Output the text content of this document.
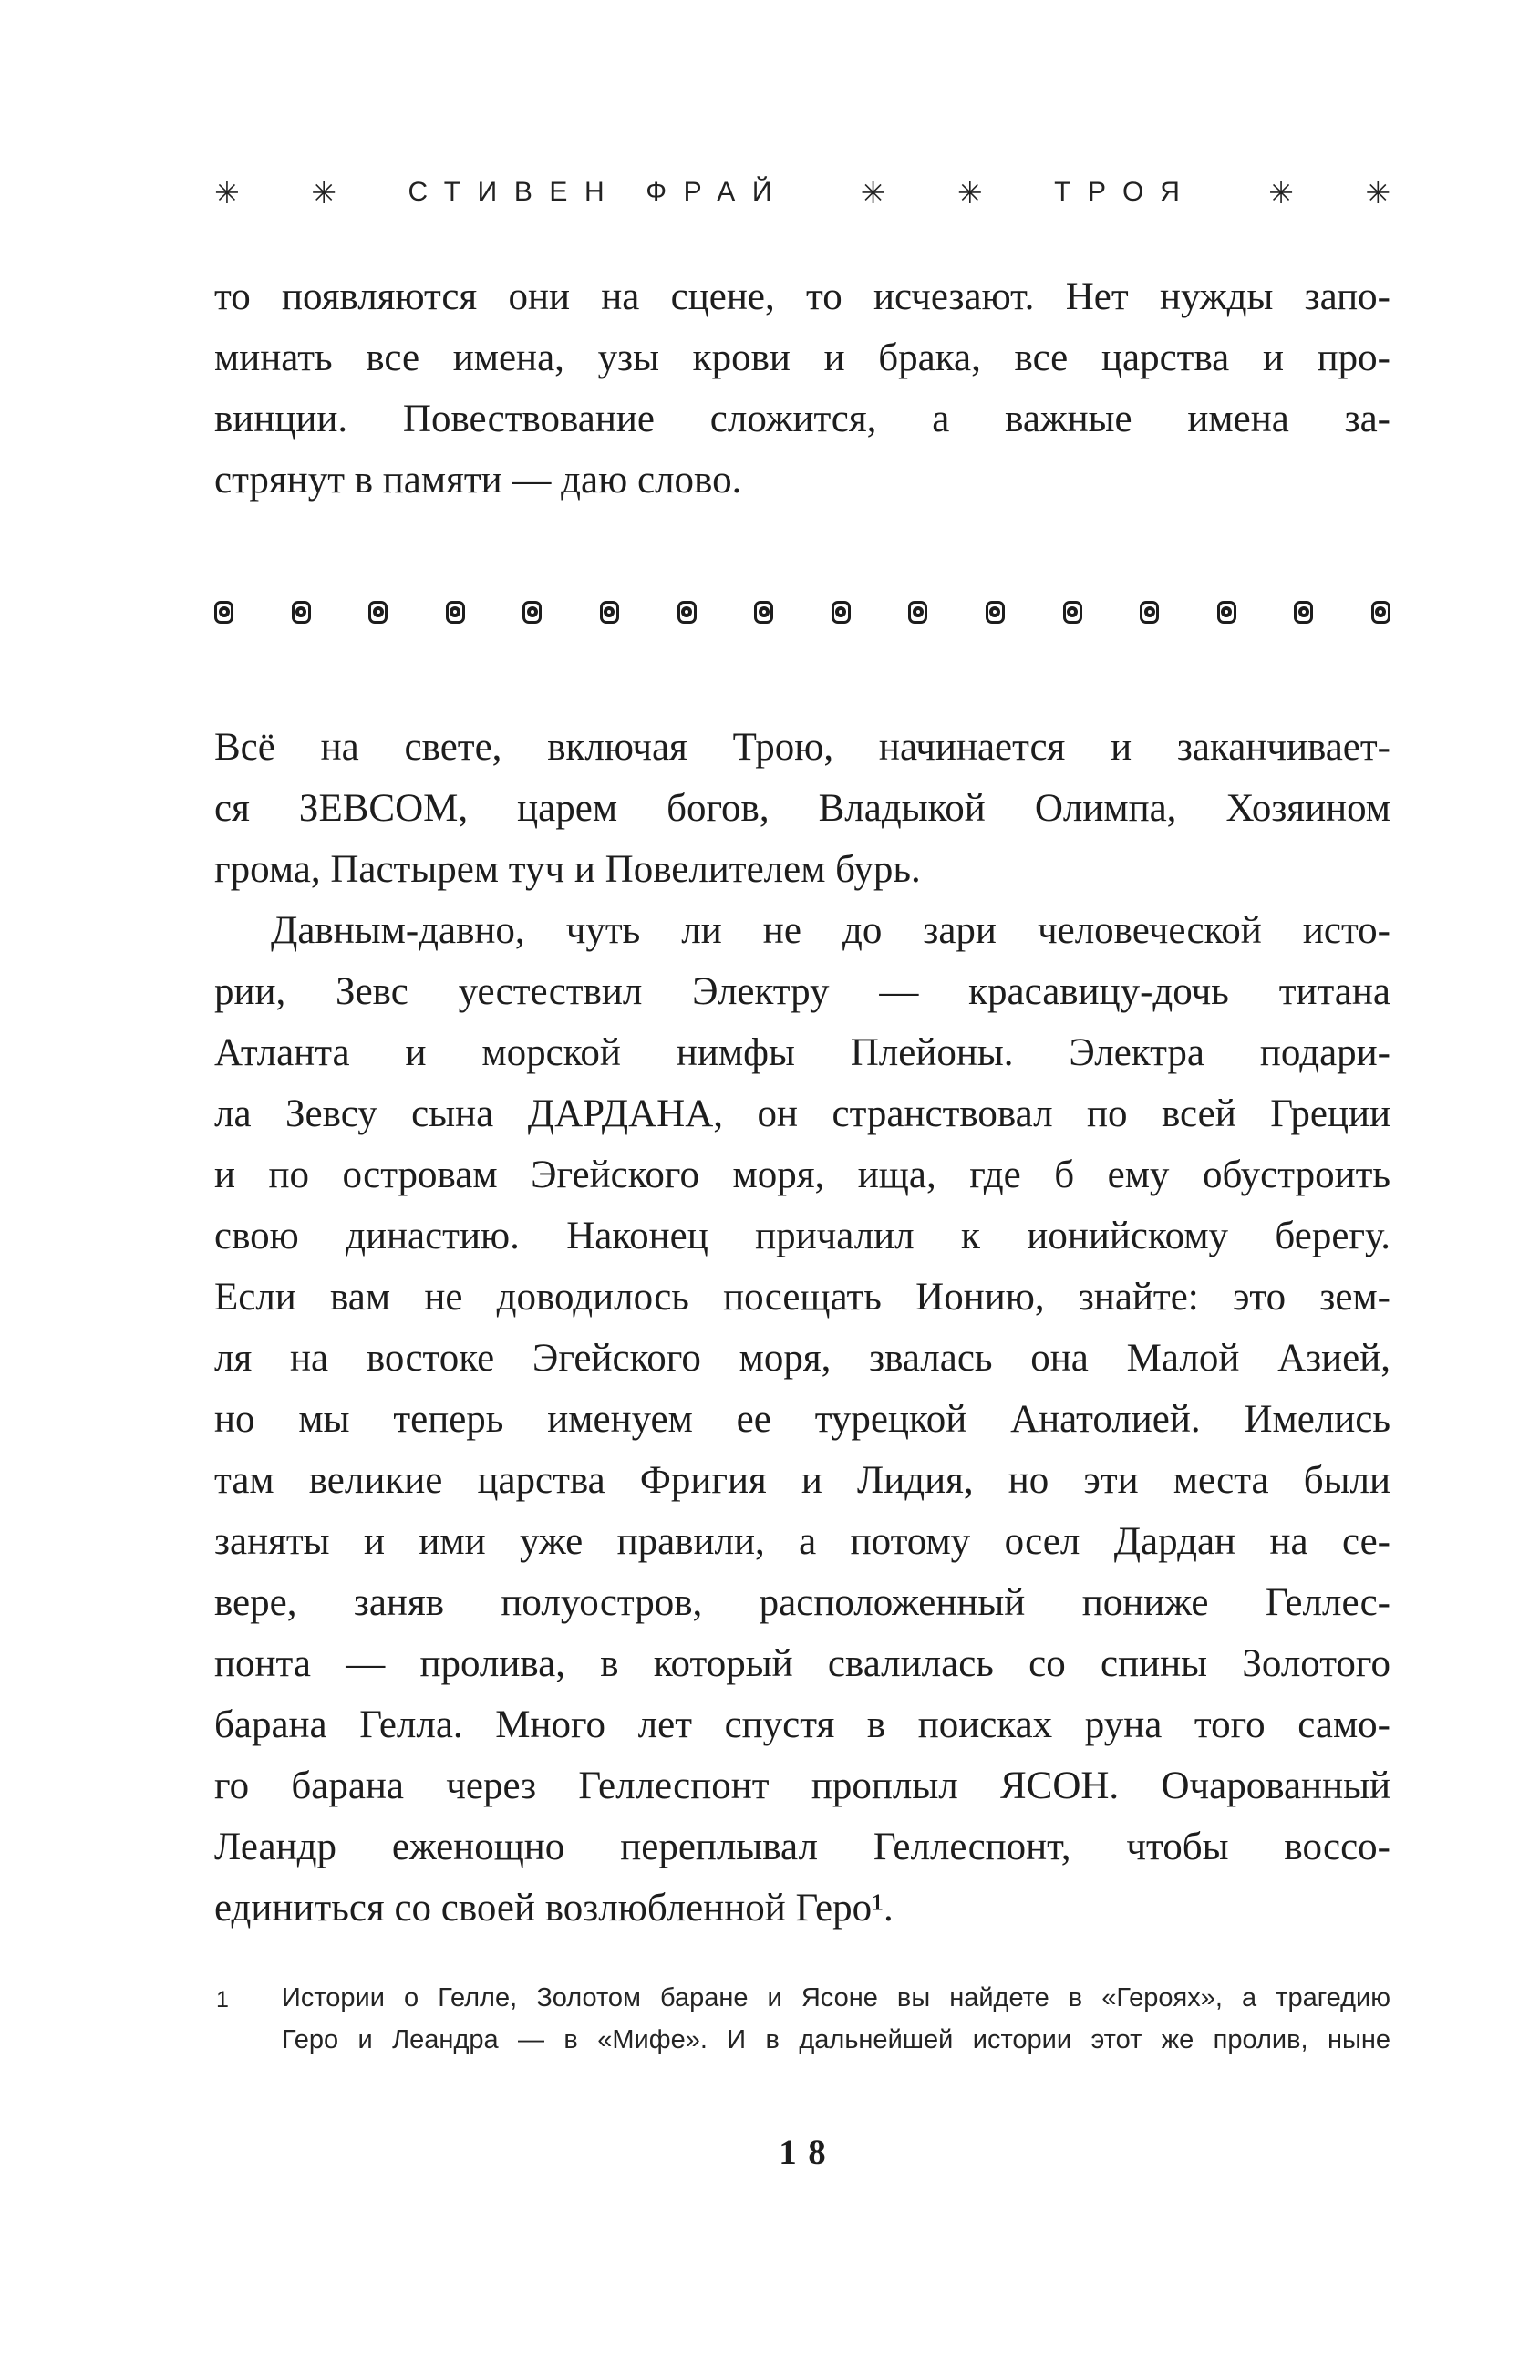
✳ ✳	СТИВЕН ФРАЙ ✳ ✳	ТРОЯ ✳ ✳
то появляются они на сцене, то исчезают. Нет нужды запо-
минать все имена, узы крови и брака, все царства и про-
винции. Повествование сложится, а важные имена за-
стрянут в памяти — даю слово.
Всё на свете, включая Трою, начинается и заканчивает-
ся ЗЕВСОМ, царем богов, Владыкой Олимпа, Хозяином
грома, Пастырем туч и Повелителем бурь.
Давным-давно, чуть ли не до зари человеческой исто-
рии, Зевс уестествил Электру — красавицу-дочь титана
Атланта и морской нимфы Плейоны. Электра подари-
ла Зевсу сына ДАРДАНА, он странствовал по всей Греции
и по островам Эгейского моря, ища, где б ему обустроить
свою династию. Наконец причалил к ионийскому берегу.
Если вам не доводилось посещать Ионию, знайте: это зем-
ля на востоке Эгейского моря, звалась она Малой Азией,
но мы теперь именуем ее турецкой Анатолией. Имелись
там великие царства Фригия и Лидия, но эти места были
заняты и ими уже правили, а потому осел Дардан на се-
вере, заняв полуостров, расположенный пониже Геллес-
понта — пролива, в который свалилась со спины Золотого
барана Гелла. Много лет спустя в поисках руна того само-
го барана через Геллеспонт проплыл ЯСОН. Очарованный
Леандр еженощно переплывал Геллеспонт, чтобы воссо-
единиться со своей возлюбленной Геро¹.
1 Истории о Гелле, Золотом баране и Ясоне вы найдете в «Героях», а трагедию
Геро и Леандра — в «Мифе». И в дальнейшей истории этот же пролив, ныне
18
